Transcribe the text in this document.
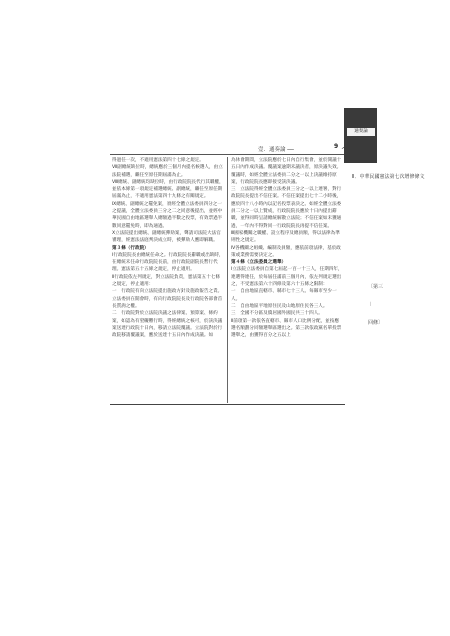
壹．通奏論 ──	9
通奏論
^
Ⅱ．中華民國憲法第七次增修條文
〔第三

︱

回條〕

得過任一次，不適用憲法第四十七條之規定。

Ⅶ副總統缺位時，總統應於三個月內提名候選人，由立法院補選，繼任至原任期屆滿為止。

Ⅷ總統、副總統均缺位時，由行政院院長代行其職權，並依本條第一項規定補選總統、副總統，繼任至原任期屆滿為止，不適用憲法第四十九條之有關規定。

Ⅸ總統、副總統之罷免案，須經全體立法委員四分之一之提議，全體立法委員三分之二之同意後提出，並經中華民國自由地區選舉人總額過半數之投票，有效票過半數同意罷免時，即為通過。

Ⅹ立法院提出總統、副總統彈劾案，聲請司法院大法官審理，經憲法法庭判決成立時，被彈劾人應即解職。

第３條（行政院）

Ⅰ行政院院長由總統任命之。行政院院長辭職或出缺時，在總統未任命行政院院長前，由行政院副院長暫行代理。憲法第五十五條之規定，停止適用。

Ⅱ行政院依左列規定，對立法院負責，憲法第五十七條之規定，停止適用：

一　行政院有向立法院提出施政方針及施政報告之責。立法委員在開會時，有向行政院院長及行政院各部會首長質詢之權。

二　行政院對於立法院決議之法律案、預算案、條約案，如認為有窒礙難行時，得經總統之核可，於該決議案送達行政院十日內，移請立法院覆議。立法院對於行政院移請覆議案，應於送達十五日內作成決議。如

為休會期間，立法院應於七日內自行集會，並於開議十五日內作成決議。覆議案逾期未議決者，原決議失效。覆議時，如經全體立法委員二分之一以上決議維持原案，行政院院長應即接受該決議。

三　立法院得經全體立法委員三分之一以上連署，對行政院院長提出不信任案。不信任案提出七十二小時後，應於四十八小時內以記名投票表決之。如經全體立法委員二分之一以上贊成，行政院院長應於十日內提出辭職，並得同時呈請總統解散立法院；不信任案如未獲通過，一年內不得對同一行政院院長再提不信任案。

Ⅲ國家機關之職權、設立程序及總員額，得以法律為準則性之規定。

Ⅳ各機關之組織、編制及員額，應依前項法律，基於政策或業務需要決定之。

第４條（立法委員之選舉）

Ⅰ立法院立法委員自第七屆起一百一十三人，任期四年，連選得連任，於每屆任滿前三個月內，依左列規定選出之，不受憲法第六十四條及第六十五條之限制：

一　自由地區直轄市、縣市七十三人。每縣市至少一人。

二　自由地區平地原住民及山地原住民各三人。

三　全國不分區及僑居國外國民共三十四人。

Ⅱ前項第一款依各直轄市、縣市人口比例分配，並按應選名額劃分同額選舉區選出之。第三款依政黨名單投票選舉之，由獲得百分之五以上
